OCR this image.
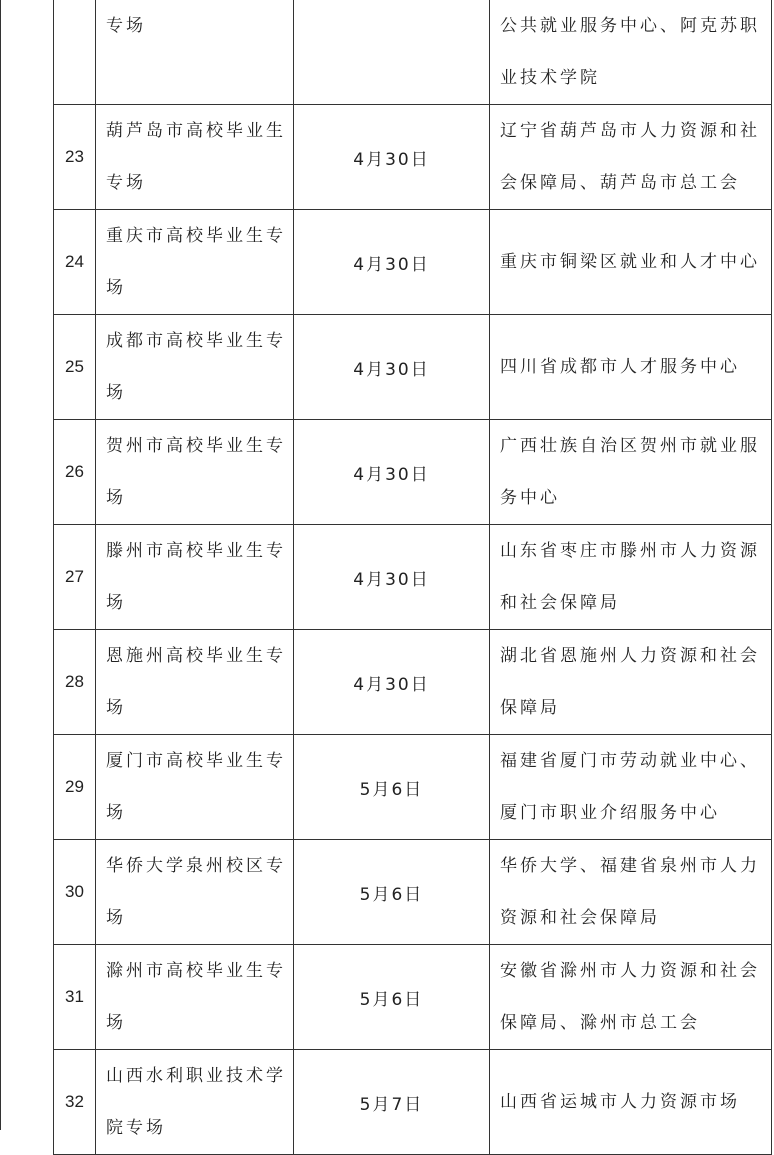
	专场		公共就业服务中心、阿克苏职业技术学院
23	葫芦岛市高校毕业生专场	4月30日	辽宁省葫芦岛市人力资源和社会保障局、葫芦岛市总工会
24	重庆市高校毕业生专场	4月30日	重庆市铜梁区就业和人才中心
25	成都市高校毕业生专场	4月30日	四川省成都市人才服务中心
26	贺州市高校毕业生专场	4月30日	广西壮族自治区贺州市就业服务中心
27	滕州市高校毕业生专场	4月30日	山东省枣庄市滕州市人力资源和社会保障局
28	恩施州高校毕业生专场	4月30日	湖北省恩施州人力资源和社会保障局
29	厦门市高校毕业生专场	5月6日	福建省厦门市劳动就业中心、厦门市职业介绍服务中心
30	华侨大学泉州校区专场	5月6日	华侨大学、福建省泉州市人力资源和社会保障局
31	滁州市高校毕业生专场	5月6日	安徽省滁州市人力资源和社会保障局、滁州市总工会
32	山西水利职业技术学院专场	5月7日	山西省运城市人力资源市场
